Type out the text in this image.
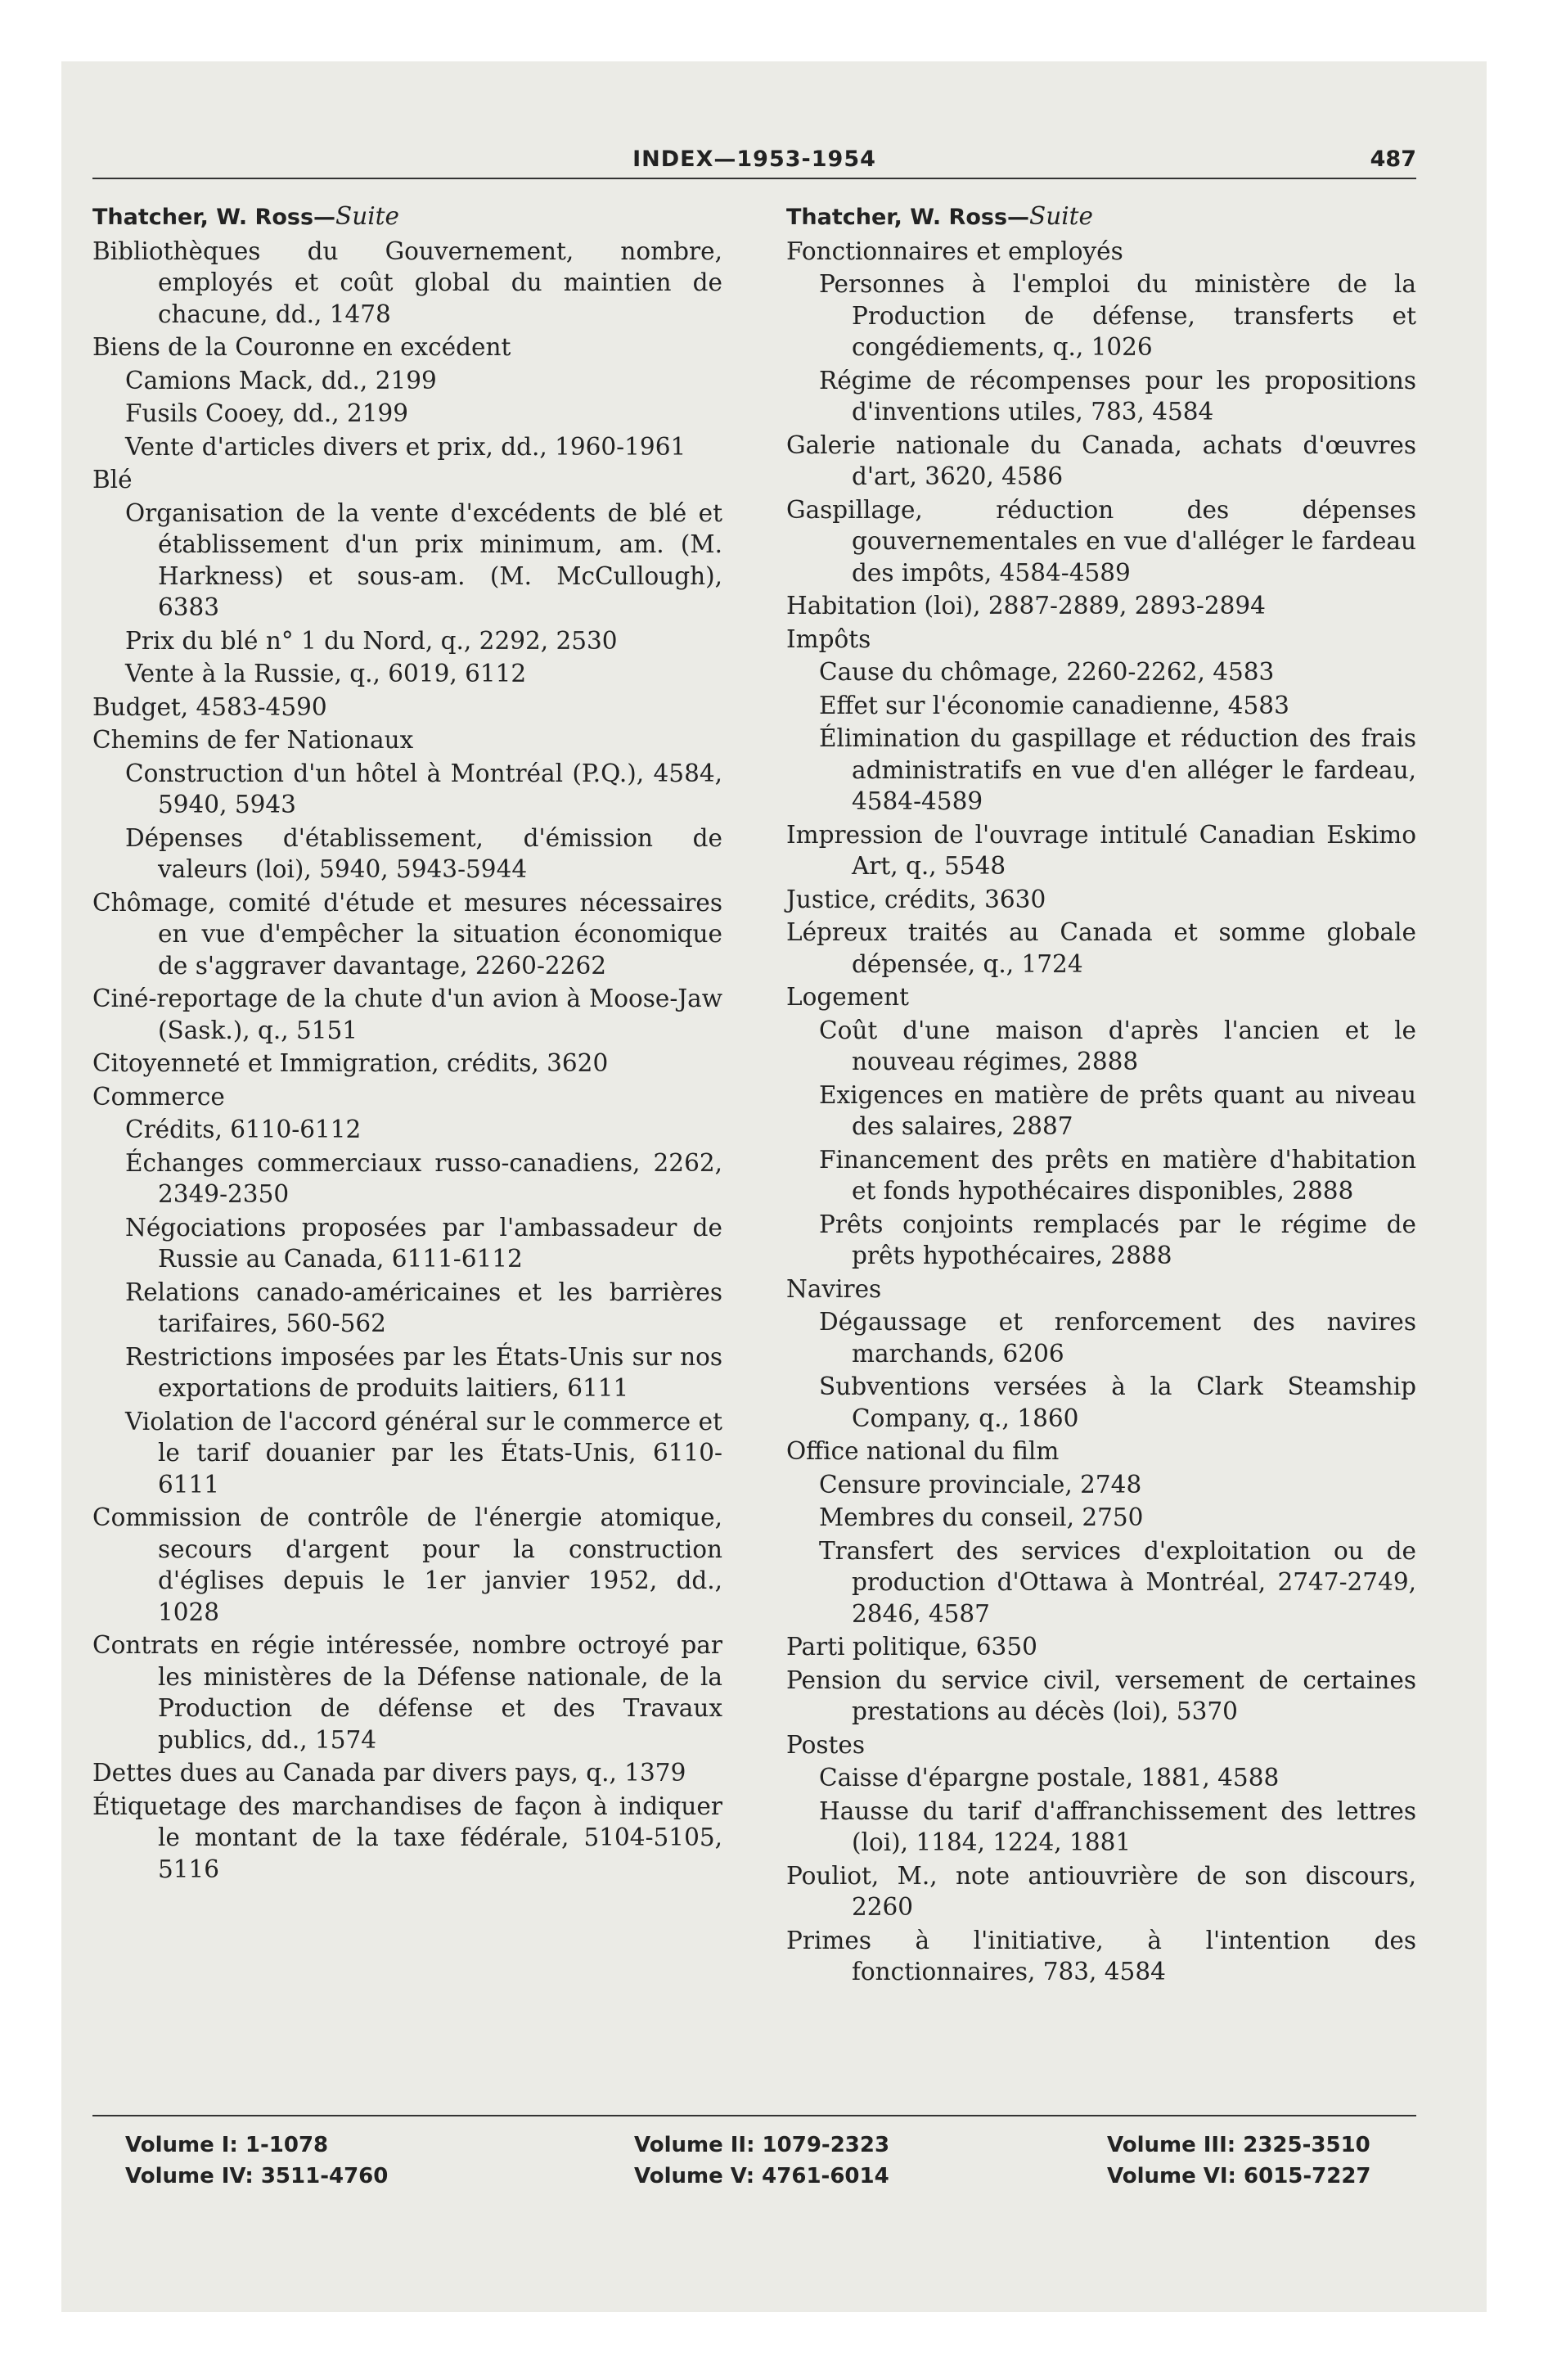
INDEX—1953-1954	487
Thatcher, W. Ross—Suite
Bibliothèques du Gouvernement, nombre, employés et coût global du maintien de chacune, dd., 1478
Biens de la Couronne en excédent
Camions Mack, dd., 2199
Fusils Cooey, dd., 2199
Vente d'articles divers et prix, dd., 1960-1961
Blé
Organisation de la vente d'excédents de blé et établissement d'un prix minimum, am. (M. Harkness) et sous-am. (M. McCullough), 6383
Prix du blé n° 1 du Nord, q., 2292, 2530
Vente à la Russie, q., 6019, 6112
Budget, 4583-4590
Chemins de fer Nationaux
Construction d'un hôtel à Montréal (P.Q.), 4584, 5940, 5943
Dépenses d'établissement, d'émission de valeurs (loi), 5940, 5943-5944
Chômage, comité d'étude et mesures nécessaires en vue d'empêcher la situation économique de s'aggraver davantage, 2260-2262
Ciné-reportage de la chute d'un avion à Moose-Jaw (Sask.), q., 5151
Citoyenneté et Immigration, crédits, 3620
Commerce
Crédits, 6110-6112
Échanges commerciaux russo-canadiens, 2262, 2349-2350
Négociations proposées par l'ambassadeur de Russie au Canada, 6111-6112
Relations canado-américaines et les barrières tarifaires, 560-562
Restrictions imposées par les États-Unis sur nos exportations de produits laitiers, 6111
Violation de l'accord général sur le commerce et le tarif douanier par les États-Unis, 6110-6111
Commission de contrôle de l'énergie atomique, secours d'argent pour la construction d'églises depuis le 1er janvier 1952, dd., 1028
Contrats en régie intéressée, nombre octroyé par les ministères de la Défense nationale, de la Production de défense et des Travaux publics, dd., 1574
Dettes dues au Canada par divers pays, q., 1379
Étiquetage des marchandises de façon à indiquer le montant de la taxe fédérale, 5104-5105, 5116
Thatcher, W. Ross—Suite
Fonctionnaires et employés
Personnes à l'emploi du ministère de la Production de défense, transferts et congédiements, q., 1026
Régime de récompenses pour les propositions d'inventions utiles, 783, 4584
Galerie nationale du Canada, achats d'œuvres d'art, 3620, 4586
Gaspillage, réduction des dépenses gouvernementales en vue d'alléger le fardeau des impôts, 4584-4589
Habitation (loi), 2887-2889, 2893-2894
Impôts
Cause du chômage, 2260-2262, 4583
Effet sur l'économie canadienne, 4583
Élimination du gaspillage et réduction des frais administratifs en vue d'en alléger le fardeau, 4584-4589
Impression de l'ouvrage intitulé Canadian Eskimo Art, q., 5548
Justice, crédits, 3630
Lépreux traités au Canada et somme globale dépensée, q., 1724
Logement
Coût d'une maison d'après l'ancien et le nouveau régimes, 2888
Exigences en matière de prêts quant au niveau des salaires, 2887
Financement des prêts en matière d'habitation et fonds hypothécaires disponibles, 2888
Prêts conjoints remplacés par le régime de prêts hypothécaires, 2888
Navires
Dégaussage et renforcement des navires marchands, 6206
Subventions versées à la Clark Steamship Company, q., 1860
Office national du film
Censure provinciale, 2748
Membres du conseil, 2750
Transfert des services d'exploitation ou de production d'Ottawa à Montréal, 2747-2749, 2846, 4587
Parti politique, 6350
Pension du service civil, versement de certaines prestations au décès (loi), 5370
Postes
Caisse d'épargne postale, 1881, 4588
Hausse du tarif d'affranchissement des lettres (loi), 1184, 1224, 1881
Pouliot, M., note antiouvrière de son discours, 2260
Primes à l'initiative, à l'intention des fonctionnaires, 783, 4584
Volume I: 1-1078	Volume II: 1079-2323	Volume III: 2325-3510
Volume IV: 3511-4760	Volume V: 4761-6014	Volume VI: 6015-7227
